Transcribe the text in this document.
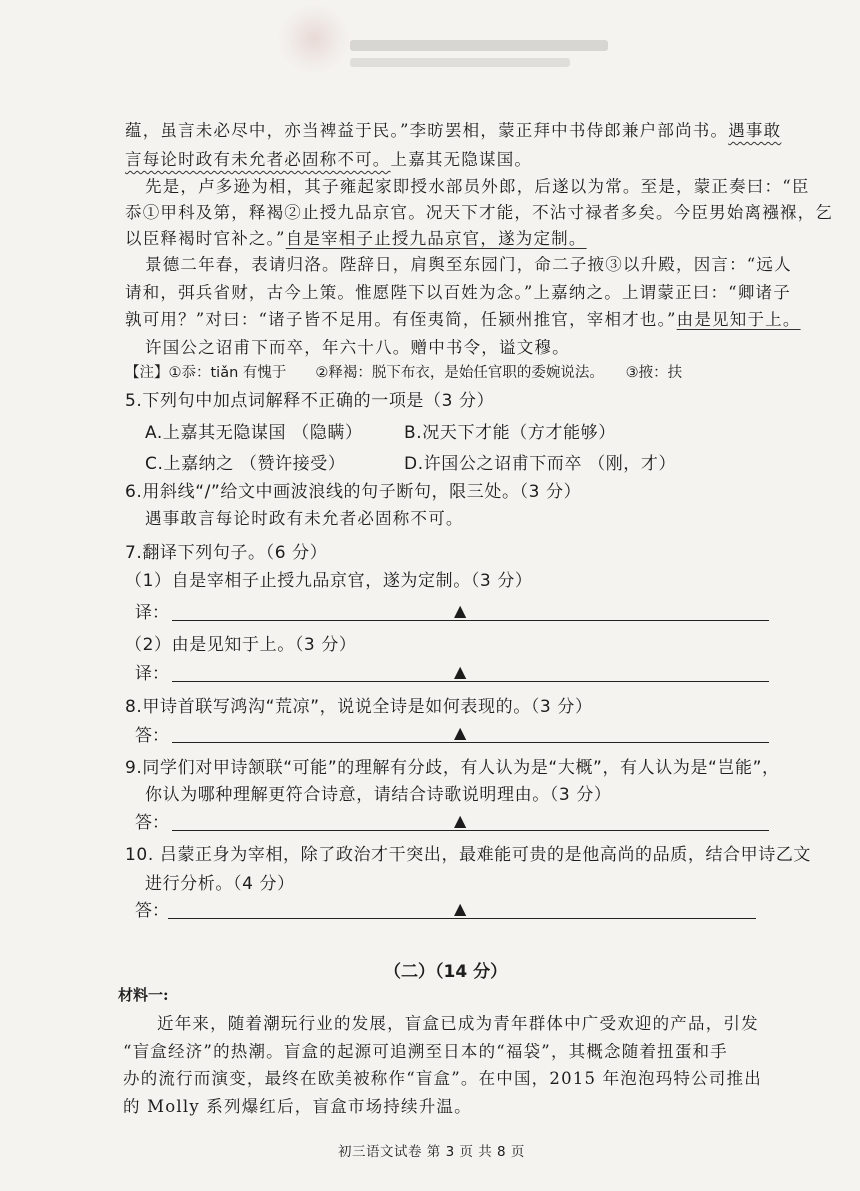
蕴，虽言未必尽中，亦当裨益于民。”李昉罢相，蒙正拜中书侍郎兼户部尚书。遇事敢
言每论时政有未允者必固称不可。上嘉其无隐谋国。
先是，卢多逊为相，其子雍起家即授水部员外郎，后遂以为常。至是，蒙正奏曰：“臣
忝①甲科及第，释褐②止授九品京官。况天下才能，不沾寸禄者多矣。今臣男始离襁褓，乞
以臣释褐时官补之。”自是宰相子止授九品京官，遂为定制。
景德二年春，表请归洛。陛辞日，肩舆至东园门，命二子掖③以升殿，因言：“远人
请和，弭兵省财，古今上策。惟愿陛下以百姓为念。”上嘉纳之。上谓蒙正曰：“卿诸子
孰可用？”对曰：“诸子皆不足用。有侄夷简，任颍州推官，宰相才也。”由是见知于上。
许国公之诏甫下而卒，年六十八。赠中书令，谥文穆。
【注】①忝：tiǎn 有愧于　　②释褐：脱下布衣，是始任官职的委婉说法。　　③掖：扶
5.下列句中加点词解释不正确的一项是（3 分）
A.上嘉其无隐谋国 （隐瞒） B.况天下才能（方才能够）
C.上嘉纳之 （赞许接受）	D.许国公之诏甫下而卒 （刚，才）
6.用斜线“/”给文中画波浪线的句子断句，限三处。（3 分）
遇事敢言每论时政有未允者必固称不可。
7.翻译下列句子。（6 分）
（1）自是宰相子止授九品京官，遂为定制。（3 分）
译：	▲
（2）由是见知于上。（3 分）
译：	▲
8.甲诗首联写鸿沟“荒凉”，说说全诗是如何表现的。（3 分）
答：	▲
9.同学们对甲诗颔联“可能”的理解有分歧，有人认为是“大概”，有人认为是“岂能”，
你认为哪种理解更符合诗意，请结合诗歌说明理由。（3 分）
答：	▲
10. 吕蒙正身为宰相，除了政治才干突出，最难能可贵的是他高尚的品质，结合甲诗乙文
进行分析。（4 分）
答：	▲
（二）（14 分）
材料一:
近年来，随着潮玩行业的发展，盲盒已成为青年群体中广受欢迎的产品，引发
“盲盒经济”的热潮。盲盒的起源可追溯至日本的“福袋”，其概念随着扭蛋和手
办的流行而演变，最终在欧美被称作“盲盒”。在中国，2015 年泡泡玛特公司推出
的 Molly 系列爆红后，盲盒市场持续升温。
初三语文试卷 第 3 页 共 8 页
